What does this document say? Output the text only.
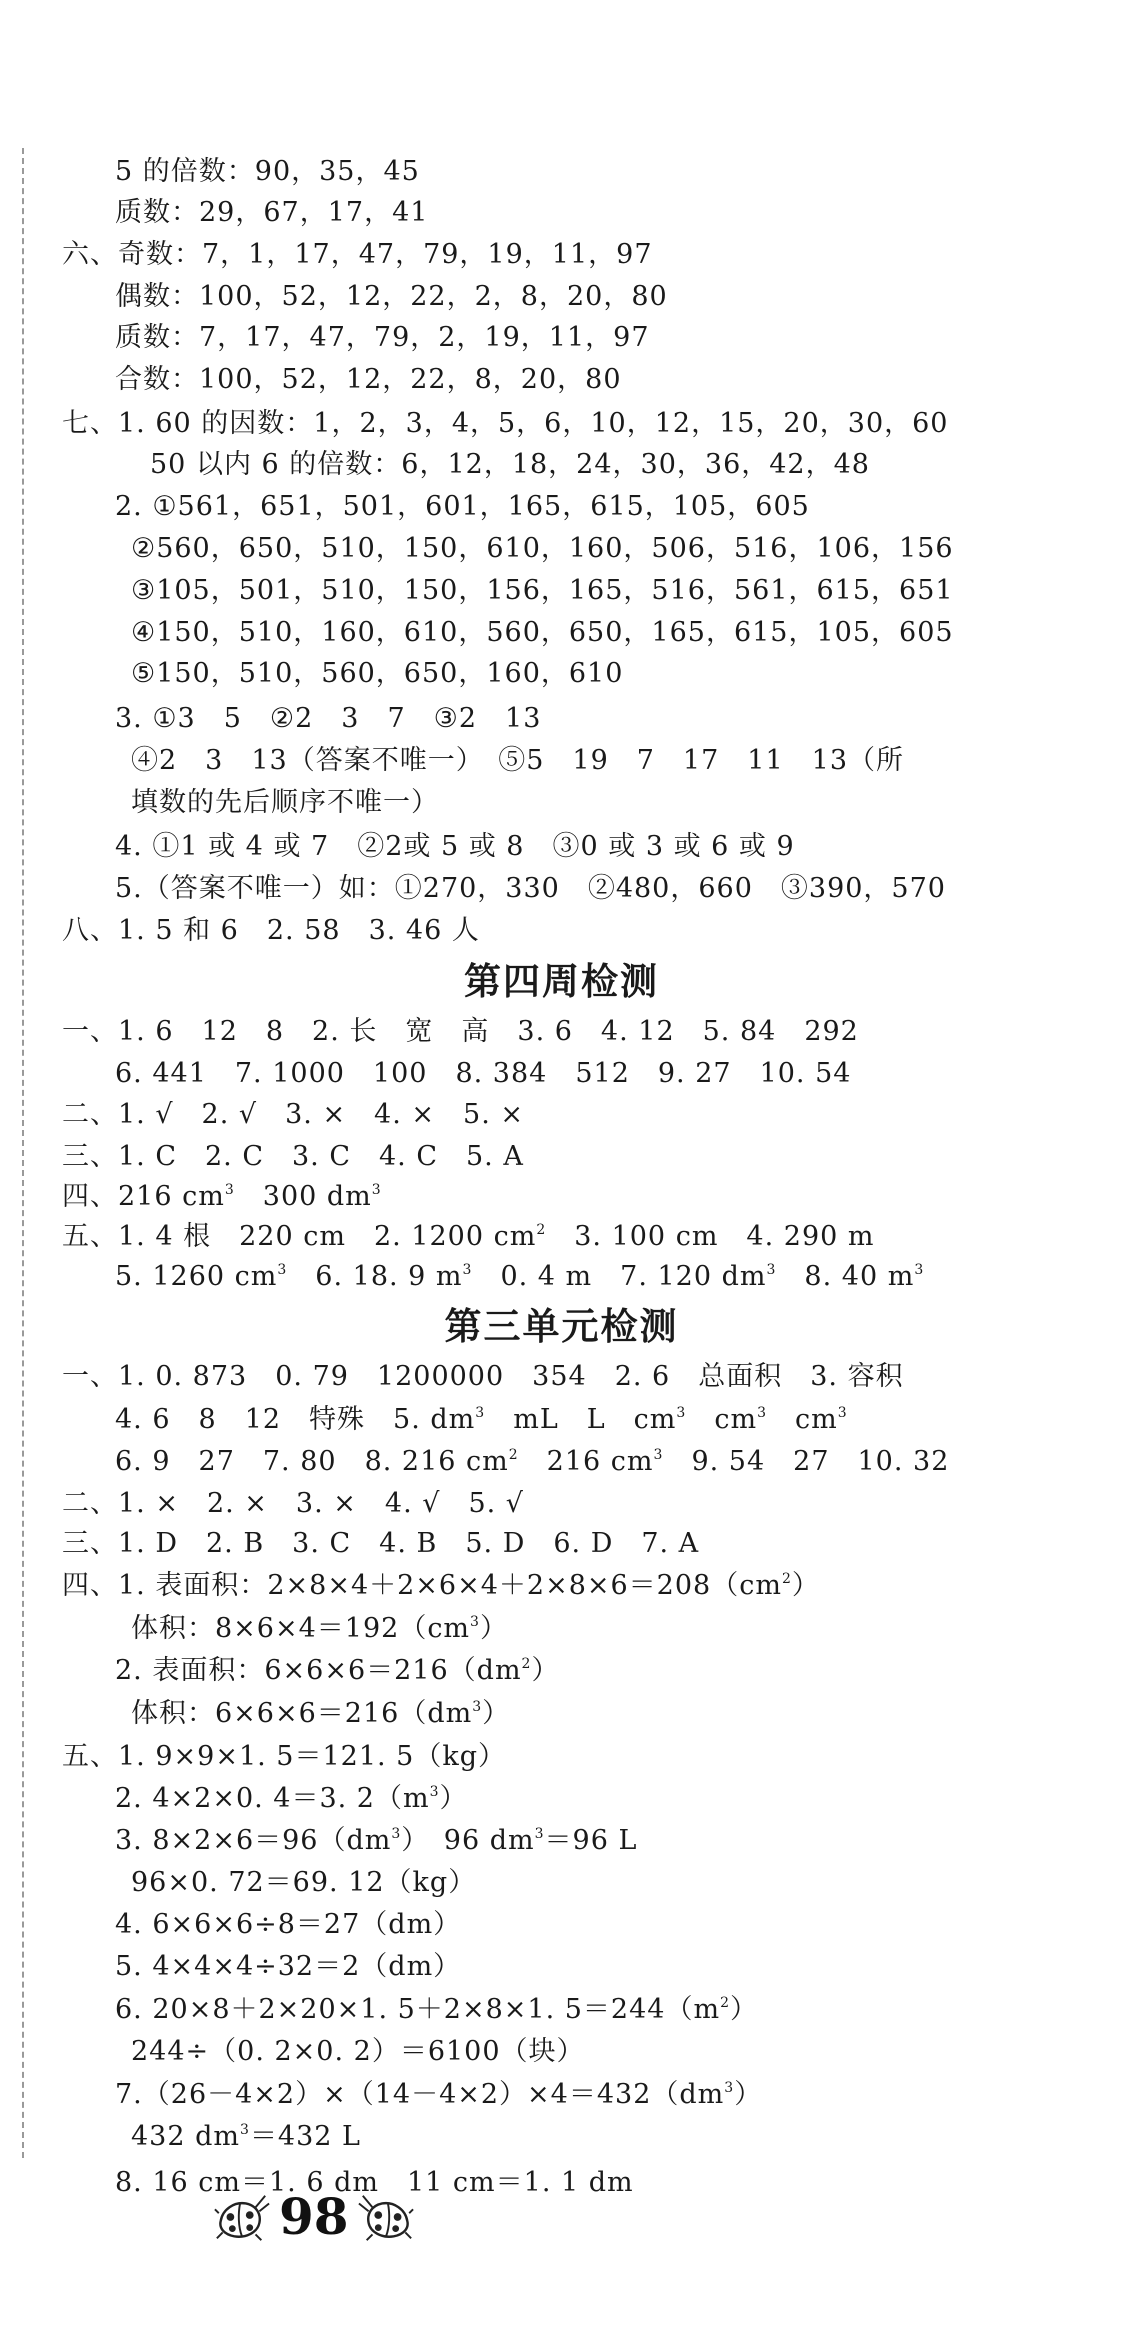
5 的倍数：90，35，45
质数：29，67，17，41
六、奇数：7，1，17，47，79，19，11，97
偶数：100，52，12，22，2，8，20，80
质数：7，17，47，79，2，19，11，97
合数：100，52，12，22，8，20，80
七、1. 60 的因数：1，2，3，4，5，6，10，12，15，20，30，60
50 以内 6 的倍数：6，12，18，24，30，36，42，48
2. ①561，651，501，601，165，615，105，605
②560，650，510，150，610，160，506，516，106，156
③105，501，510，150，156，165，516，561，615，651
④150，510，160，610，560，650，165，615，105，605
⑤150，510，560，650，160，610
3. ①3　5　②2　3　7　③2　13
④2　3　13（答案不唯一）　⑤5　19　7　17　11　13（所
填数的先后顺序不唯一）
4. ①1 或 4 或 7　②2或 5 或 8　③0 或 3 或 6 或 9
5.（答案不唯一）如：①270，330　②480，660　③390，570
八、1. 5 和 6　2. 58　3. 46 人
第四周检测
一、1. 6　12　8　2. 长　宽　高　3. 6　4. 12　5. 84　292
6. 441　7. 1000　100　8. 384　512　9. 27　10. 54
二、1. √　2. √　3. ×　4. ×　5. ×
三、1. C　2. C　3. C　4. C　5. A
四、216 $cm^3$　300 $dm^3$
五、1. 4 根　220 cm　2. 1200 $cm^2$　3. 100 cm　4. 290 m
5. 1260 $cm^3$　6. 18. 9 $m^3$　0. 4 m　7. 120 $dm^3$　8. 40 $m^3$
第三单元检测
一、1. 0. 873　0. 79　1200000　354　2. 6　总面积　3. 容积
4. 6　8　12　特殊　5. $dm^3$　mL　L　$cm^3$　$cm^3$　$cm^3$
6. 9　27　7. 80　8. 216 $cm^2$　216 $cm^3$　9. 54　27　10. 32
二、1. ×　2. ×　3. ×　4. √　5. √
三、1. D　2. B　3. C　4. B　5. D　6. D　7. A
四、1. 表面积：$2\times 8\times 4+2\times 6\times 4+2\times 8\times 6=208(cm^2)$
体积：$8\times 6\times 4=192(cm^3)$
2. 表面积：$6\times 6\times 6=216(dm^2)$
体积：$6\times 6\times 6=216(dm^3)$
五、1. 9×9×1. 5＝121. 5（kg）
2. 4×2×0. 4＝3. $2(m^3)$
3. $8\times 2\times 6=96(dm^3)$　96 $dm^3=96$ L
96×0. 72＝69. 12（kg）
4. 6×6×6÷8＝27（dm）
5. 4×4×4÷32＝2（dm）
6. 20×8＋2×20×1. 5＋2×8×1. $5=244(m^2)$
244÷（0. 2×0. 2）＝6100（块）
$7.(26-4\times 2)\times(14-4\times 2)\times 4=432(dm^3)$
432 $dm^3=432$ L
8. 16 cm＝1. 6 dm　11 cm＝1. 1 dm
98
